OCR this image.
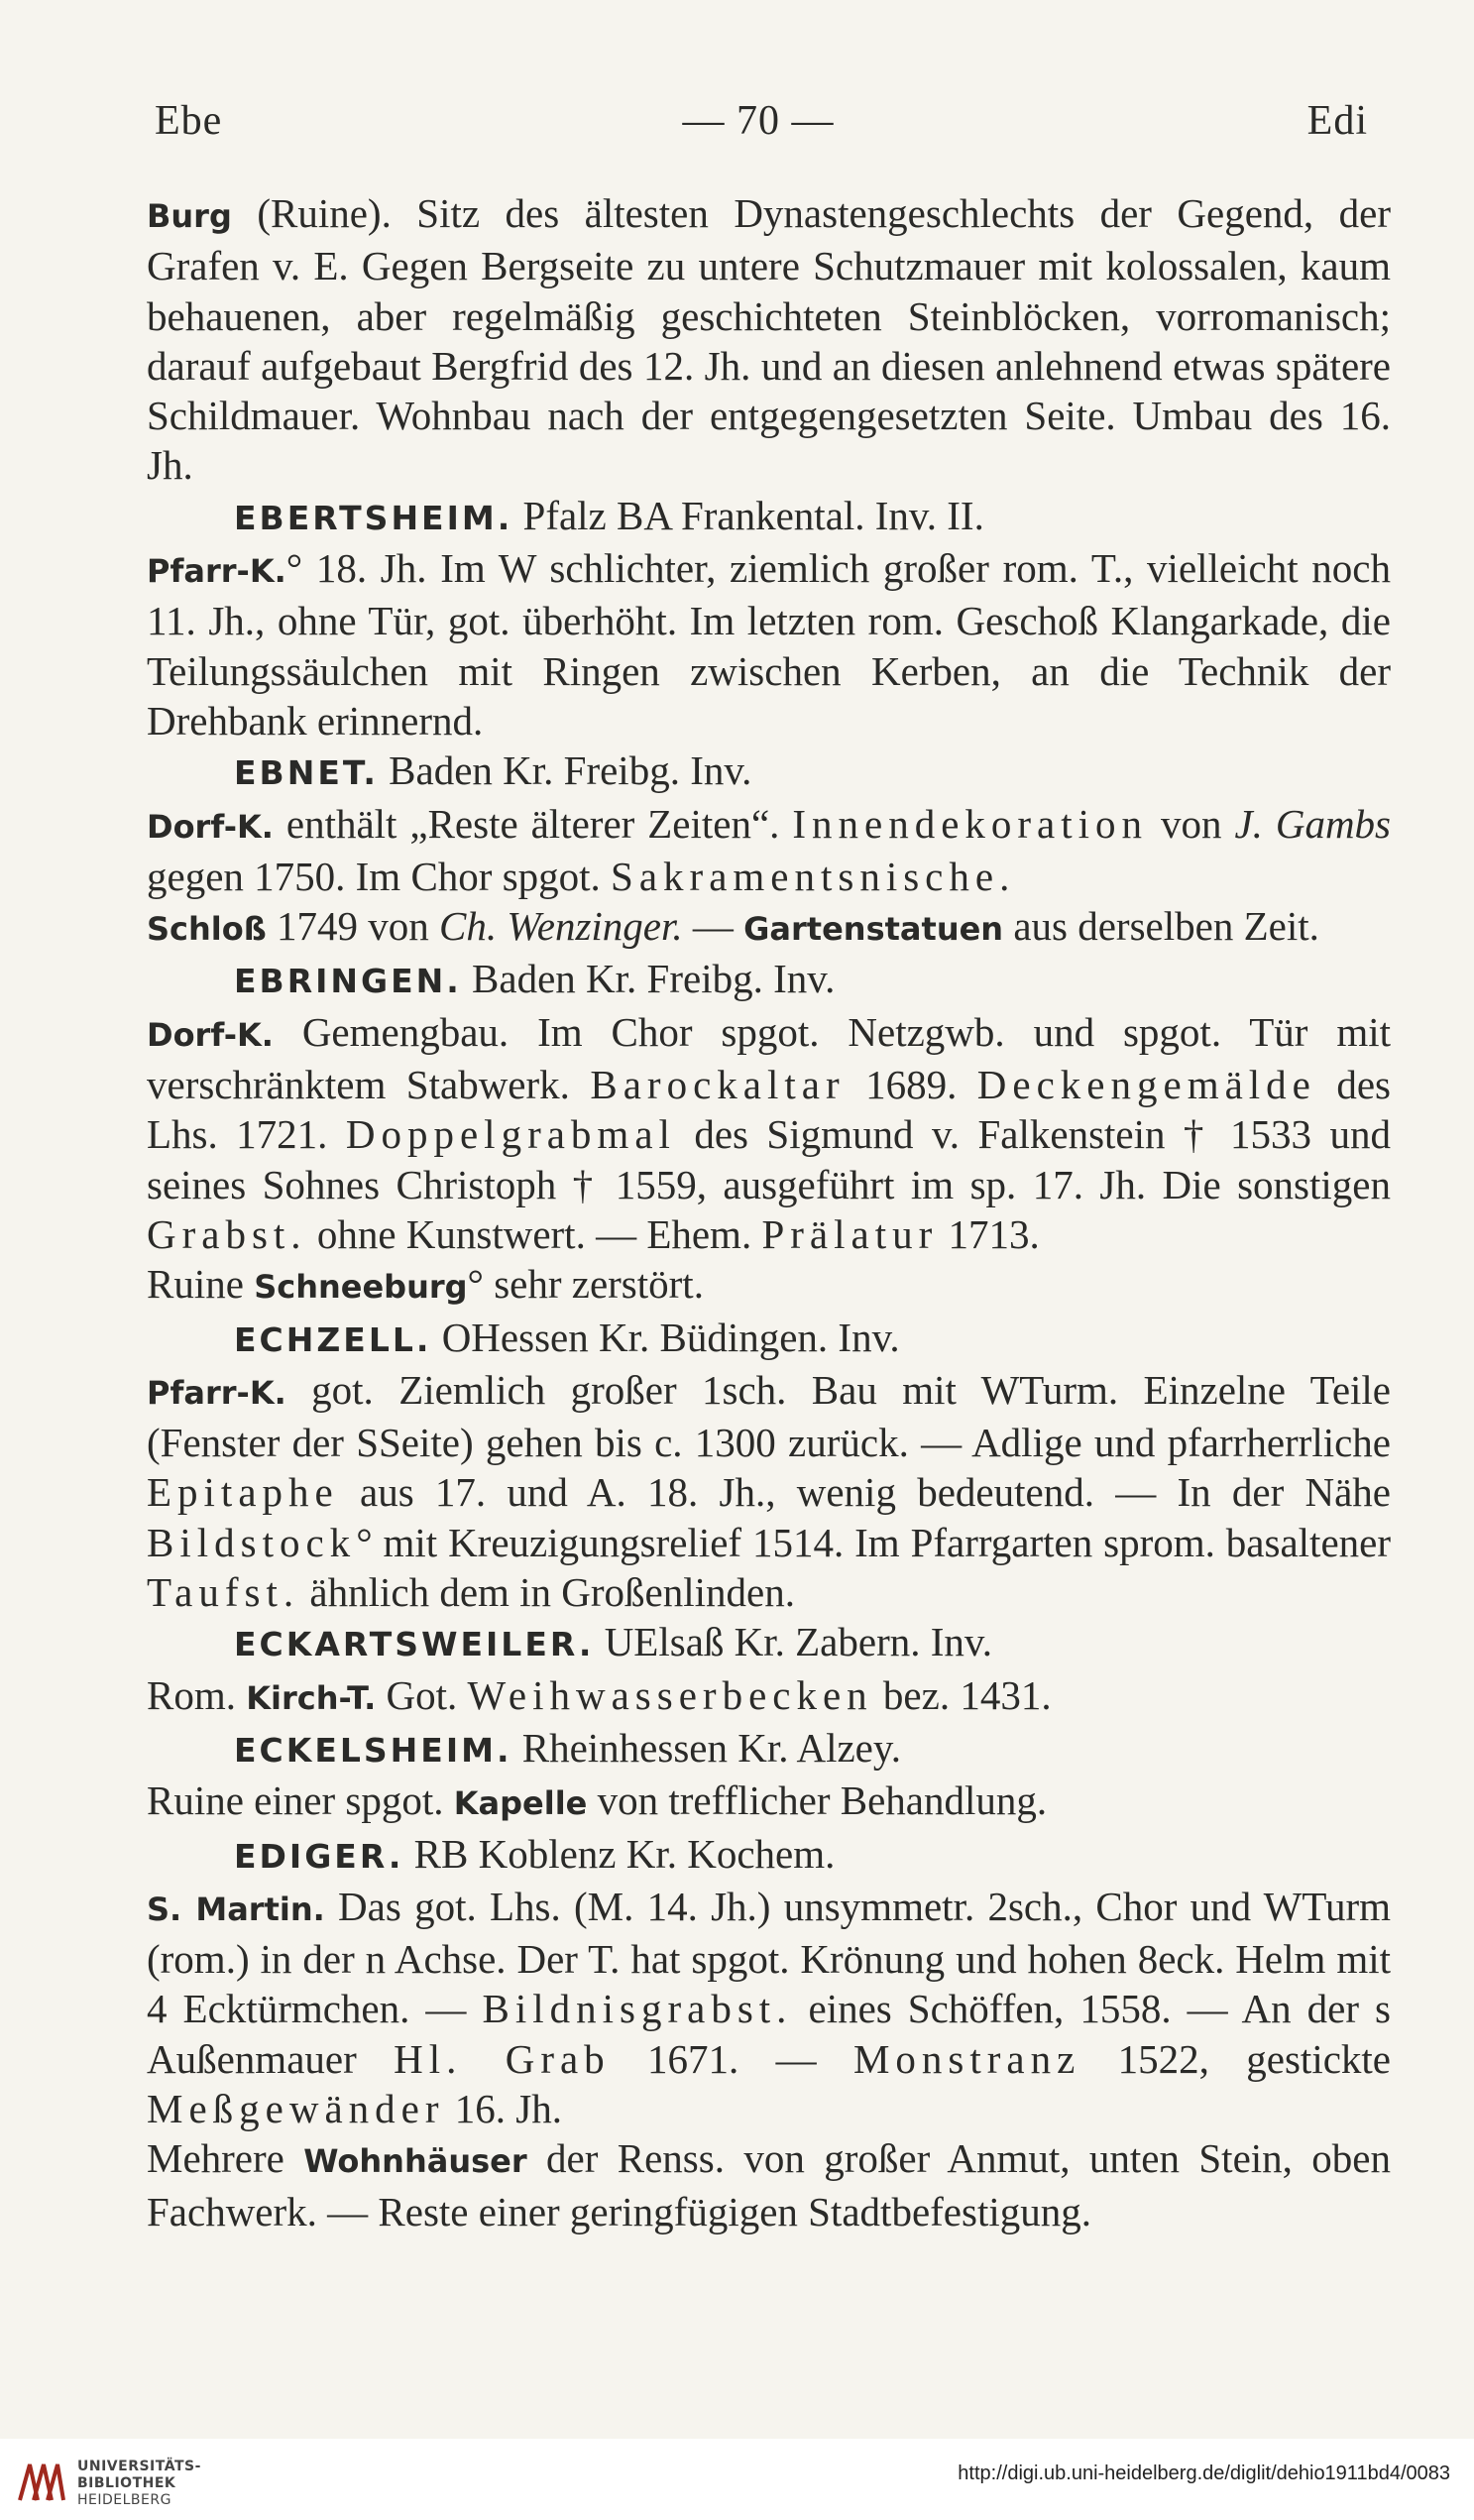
Ebe	— 70 —	Edi

Burg (Ruine). Sitz des ältesten Dynastengeschlechts der Gegend, der Grafen v. E. Gegen Bergseite zu untere Schutzmauer mit kolossalen, kaum behauenen, aber regelmäßig geschichteten Steinblöcken, vorromanisch; darauf aufgebaut Bergfrid des 12. Jh. und an diesen anlehnend etwas spätere Schildmauer. Wohnbau nach der entgegengesetzten Seite. Umbau des 16. Jh.

EBERTSHEIM. Pfalz BA Frankental. Inv. II.

Pfarr-K.° 18. Jh. Im W schlichter, ziemlich großer rom. T., vielleicht noch 11. Jh., ohne Tür, got. überhöht. Im letzten rom. Geschoß Klangarkade, die Teilungssäulchen mit Ringen zwischen Kerben, an die Technik der Drehbank erinnernd.

EBNET. Baden Kr. Freibg. Inv.

Dorf-K. enthält „Reste älterer Zeiten“. Innendekoration von J. Gambs gegen 1750. Im Chor spgot. Sakramentsnische.

Schloß 1749 von Ch. Wenzinger. — Gartenstatuen aus derselben Zeit.

EBRINGEN. Baden Kr. Freibg. Inv.

Dorf-K. Gemengbau. Im Chor spgot. Netzgwb. und spgot. Tür mit verschränktem Stabwerk. Barockaltar 1689. Deckengemälde des Lhs. 1721. Doppelgrabmal des Sigmund v. Falkenstein † 1533 und seines Sohnes Christoph † 1559, ausgeführt im sp. 17. Jh. Die sonstigen Grabst. ohne Kunstwert. — Ehem. Prälatur 1713.

Ruine Schneeburg° sehr zerstört.

ECHZELL. OHessen Kr. Büdingen. Inv.

Pfarr-K. got. Ziemlich großer 1sch. Bau mit WTurm. Einzelne Teile (Fenster der SSeite) gehen bis c. 1300 zurück. — Adlige und pfarrherrliche Epitaphe aus 17. und A. 18. Jh., wenig bedeutend. — In der Nähe Bildstock° mit Kreuzigungsrelief 1514. Im Pfarrgarten sprom. basaltener Taufst. ähnlich dem in Großenlinden.

ECKARTSWEILER. UElsaß Kr. Zabern. Inv.

Rom. Kirch-T. Got. Weihwasserbecken bez. 1431.

ECKELSHEIM. Rheinhessen Kr. Alzey.

Ruine einer spgot. Kapelle von trefflicher Behandlung.

EDIGER. RB Koblenz Kr. Kochem.

S. Martin. Das got. Lhs. (M. 14. Jh.) unsymmetr. 2sch., Chor und WTurm (rom.) in der n Achse. Der T. hat spgot. Krönung und hohen 8eck. Helm mit 4 Ecktürmchen. — Bildnisgrabst. eines Schöffen, 1558. — An der s Außenmauer Hl. Grab 1671. — Monstranz 1522, gestickte Meßgewänder 16. Jh.

Mehrere Wohnhäuser der Renss. von großer Anmut, unten Stein, oben Fachwerk. — Reste einer geringfügigen Stadtbefestigung.

UNIVERSITÄTS-
BIBLIOTHEK
HEIDELBERG
http://digi.ub.uni-heidelberg.de/diglit/dehio1911bd4/0083
